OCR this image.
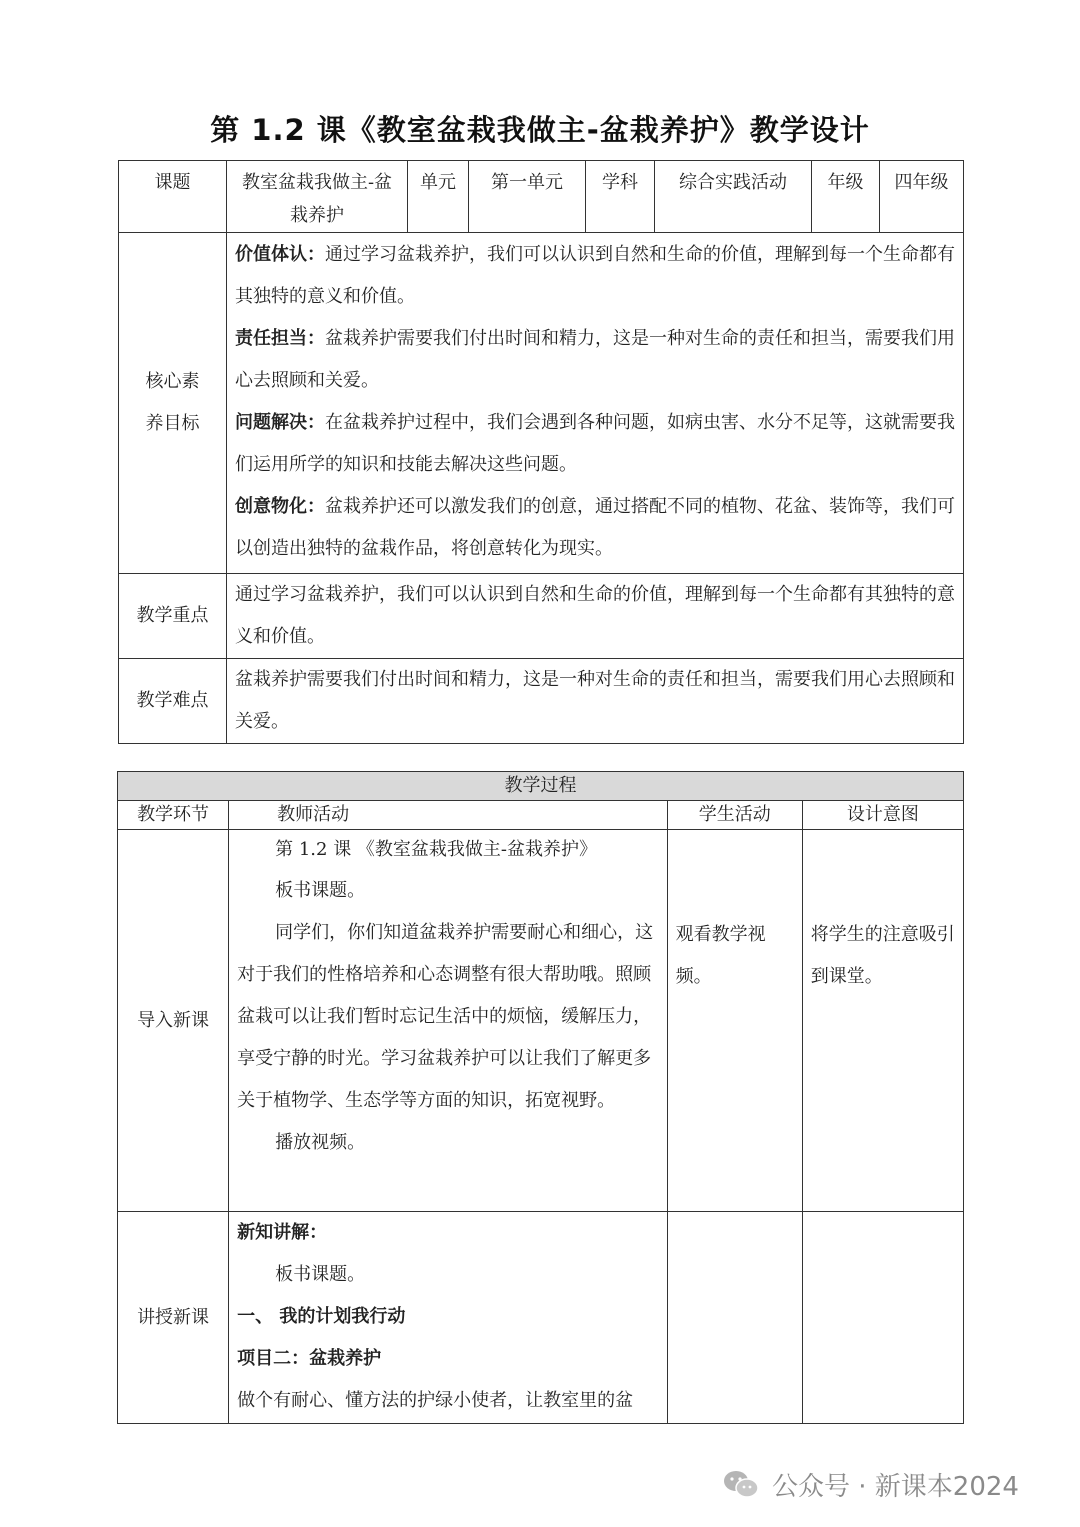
第 1.2 课《教室盆栽我做主-盆栽养护》教学设计
课题	教室盆栽我做主-盆栽养护	单元	第一单元	学科	综合实践活动	年级	四年级
核心素养目标	价值体认：通过学习盆栽养护，我们可以认识到自然和生命的价值，理解到每一个生命都有其独特的意义和价值。
责任担当：盆栽养护需要我们付出时间和精力，这是一种对生命的责任和担当，需要我们用心去照顾和关爱。
问题解决：在盆栽养护过程中，我们会遇到各种问题，如病虫害、水分不足等，这就需要我们运用所学的知识和技能去解决这些问题。
创意物化：盆栽养护还可以激发我们的创意，通过搭配不同的植物、花盆、装饰等，我们可以创造出独特的盆栽作品，将创意转化为现实。						

教学重点	通过学习盆栽养护，我们可以认识到自然和生命的价值，理解到每一个生命都有其独特的意义和价值。						
教学难点	盆栽养护需要我们付出时间和精力，这是一种对生命的责任和担当，需要我们用心去照顾和关爱。						
教学过程			
教学环节	教师活动	学生活动	设计意图
导入新课	第 1.2 课 《教室盆栽我做主-盆栽养护》
板书课题。
同学们，你们知道盆栽养护需要耐心和细心，这对于我们的性格培养和心态调整有很大帮助哦。照顾盆栽可以让我们暂时忘记生活中的烦恼，缓解压力，享受宁静的时光。学习盆栽养护可以让我们了解更多关于植物学、生态学等方面的知识，拓宽视野。
播放视频。	观看教学视频。	将学生的注意吸引到课堂。
讲授新课	新知讲解：
板书课题。
一、 我的计划我行动
项目二：盆栽养护
做个有耐心、懂方法的护绿小使者，让教室里的盆		

公众号 · 新课本2024
